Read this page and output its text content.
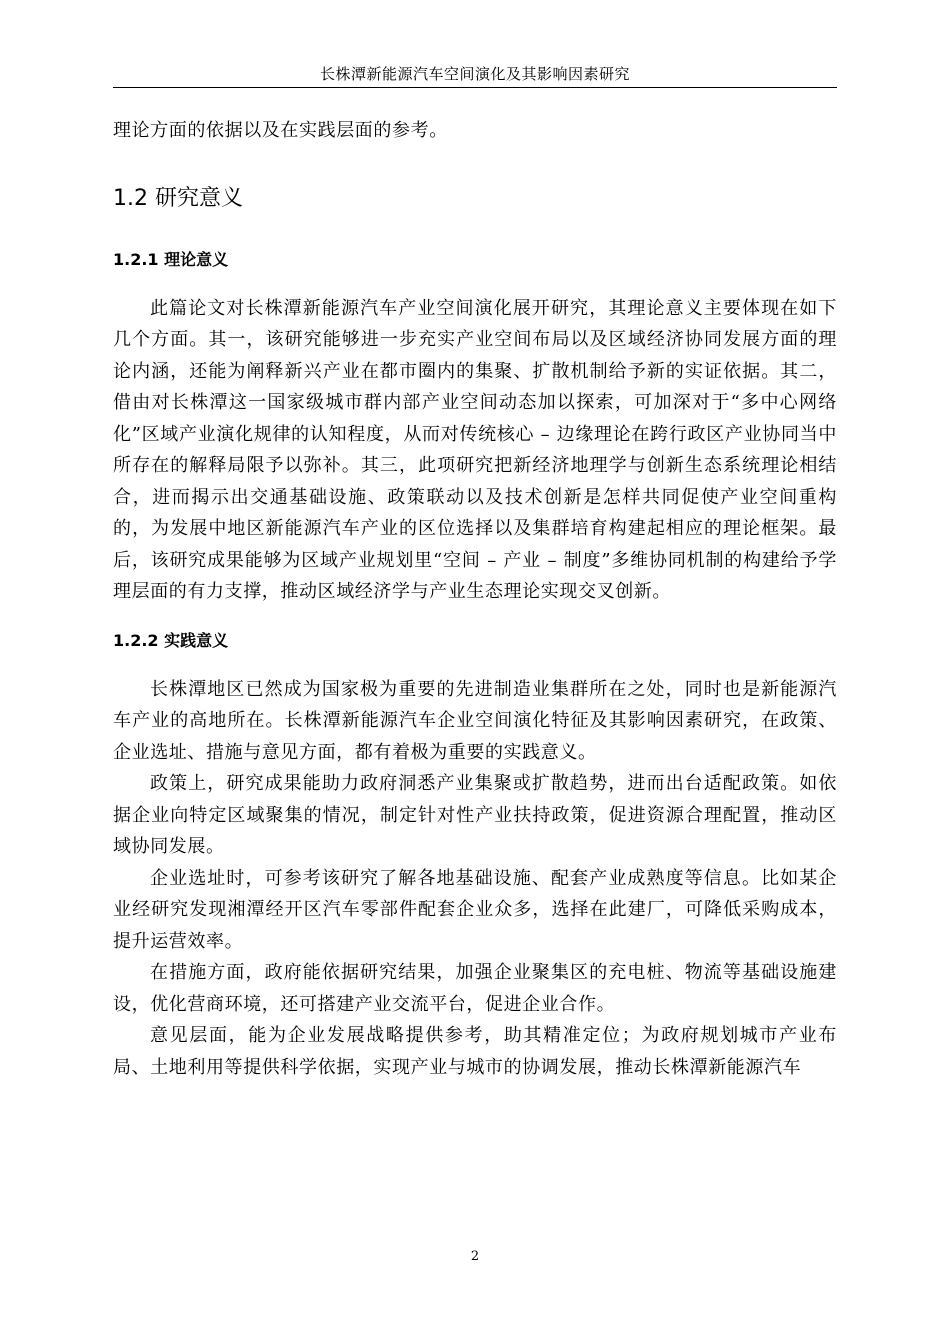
长株潭新能源汽车空间演化及其影响因素研究

理论方面的依据以及在实践层面的参考。

1.2 研究意义
1.2.1 理论意义

此篇论文对长株潭新能源汽车产业空间演化展开研究，其理论意义主要体现在如下几个方面。其一，该研究能够进一步充实产业空间布局以及区域经济协同发展方面的理论内涵，还能为阐释新兴产业在都市圈内的集聚、扩散机制给予新的实证依据。其二，借由对长株潭这一国家级城市群内部产业空间动态加以探索，可加深对于“多中心网络化”区域产业演化规律的认知程度，从而对传统核心 – 边缘理论在跨行政区产业协同当中所存在的解释局限予以弥补。其三，此项研究把新经济地理学与创新生态系统理论相结合，进而揭示出交通基础设施、政策联动以及技术创新是怎样共同促使产业空间重构的，为发展中地区新能源汽车产业的区位选择以及集群培育构建起相应的理论框架。最后，该研究成果能够为区域产业规划里“空间 – 产业 – 制度”多维协同机制的构建给予学理层面的有力支撑，推动区域经济学与产业生态理论实现交叉创新。

1.2.2 实践意义

长株潭地区已然成为国家极为重要的先进制造业集群所在之处，同时也是新能源汽车产业的高地所在。长株潭新能源汽车企业空间演化特征及其影响因素研究，在政策、企业选址、措施与意见方面，都有着极为重要的实践意义。

政策上，研究成果能助力政府洞悉产业集聚或扩散趋势，进而出台适配政策。如依据企业向特定区域聚集的情况，制定针对性产业扶持政策，促进资源合理配置，推动区域协同发展。

企业选址时，可参考该研究了解各地基础设施、配套产业成熟度等信息。比如某企业经研究发现湘潭经开区汽车零部件配套企业众多，选择在此建厂，可降低采购成本，提升运营效率。

在措施方面，政府能依据研究结果，加强企业聚集区的充电桩、物流等基础设施建设，优化营商环境，还可搭建产业交流平台，促进企业合作。

意见层面，能为企业发展战略提供参考，助其精准定位；为政府规划城市产业布局、土地利用等提供科学依据，实现产业与城市的协调发展，推动长株潭新能源汽车

2
